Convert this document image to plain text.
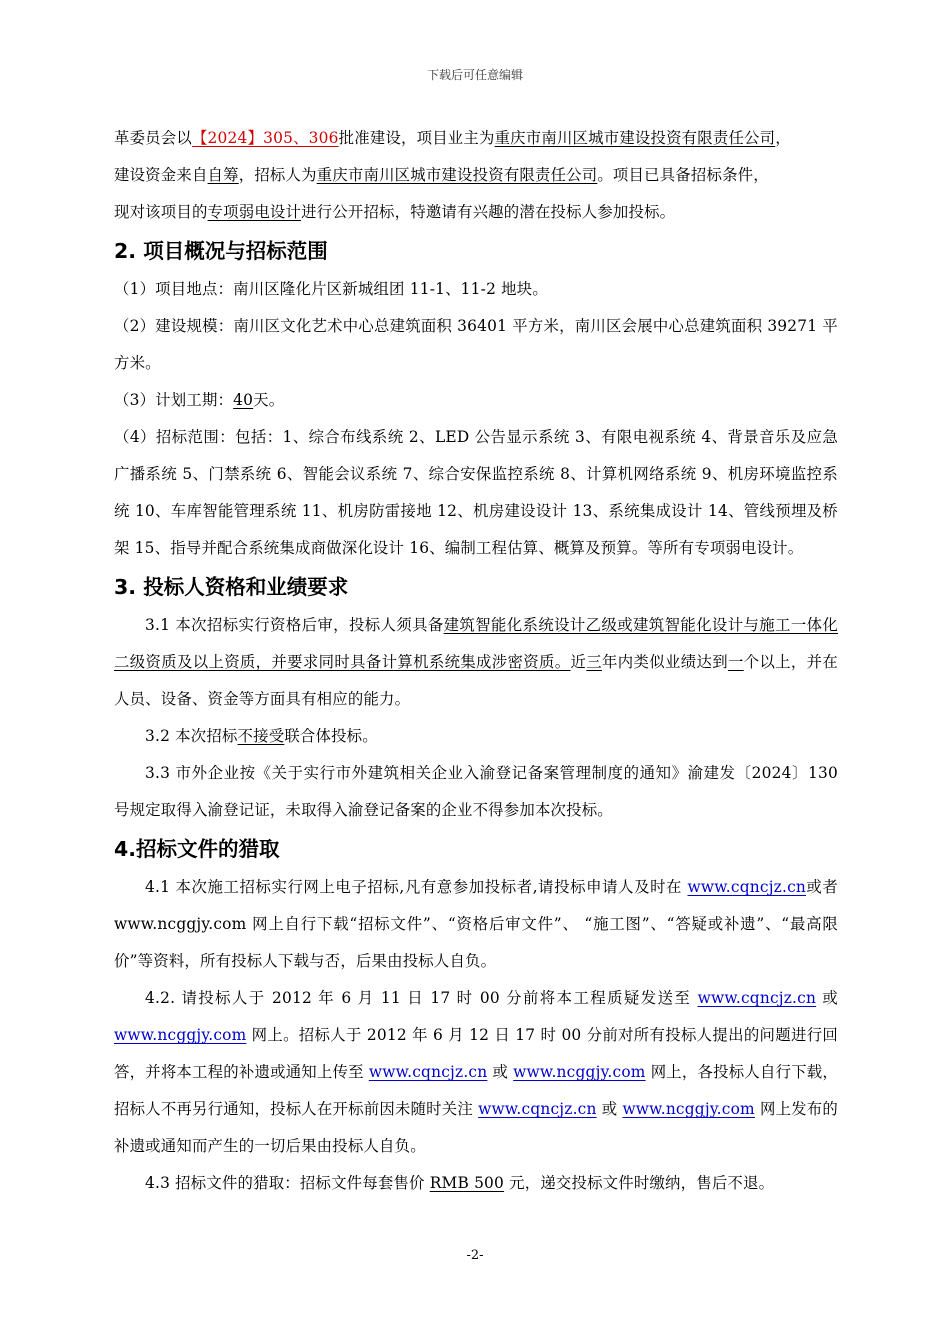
下载后可任意编辑

革委员会以【2024】305、306批准建设，项目业主为重庆市南川区城市建设投资有限责任公司，
建设资金来自自筹，招标人为重庆市南川区城市建设投资有限责任公司。项目已具备招标条件，
现对该项目的专项弱电设计进行公开招标，特邀请有兴趣的潜在投标人参加投标。

2. 项目概况与招标范围

（1）项目地点：南川区隆化片区新城组团 11-1、11-2 地块。

（2）建设规模：南川区文化艺术中心总建筑面积 36401 平方米，南川区会展中心总建筑面积 39271 平方米。

（3）计划工期：40天。

（4）招标范围：包括：1、综合布线系统 2、LED 公告显示系统 3、有限电视系统 4、背景音乐及应急广播系统 5、门禁系统 6、智能会议系统 7、综合安保监控系统 8、计算机网络系统 9、机房环境监控系统 10、车库智能管理系统 11、机房防雷接地 12、机房建设设计 13、系统集成设计 14、管线预埋及桥架 15、指导并配合系统集成商做深化设计 16、编制工程估算、概算及预算。等所有专项弱电设计。

3. 投标人资格和业绩要求

3.1 本次招标实行资格后审，投标人须具备建筑智能化系统设计乙级或建筑智能化设计与施工一体化二级资质及以上资质，并要求同时具备计算机系统集成涉密资质。近三年内类似业绩达到一个以上，并在人员、设备、资金等方面具有相应的能力。

3.2 本次招标不接受联合体投标。

3.3 市外企业按《关于实行市外建筑相关企业入渝登记备案管理制度的通知》渝建发〔2024〕130 号规定取得入渝登记证，未取得入渝登记备案的企业不得参加本次投标。

4.招标文件的猎取

4.1 本次施工招标实行网上电子招标,凡有意参加投标者,请投标申请人及时在 www.cqncjz.cn或者 www.ncggjy.com 网上自行下载“招标文件”、“资格后审文件”、 “施工图”、“答疑或补遗”、“最高限价”等资料，所有投标人下载与否，后果由投标人自负。

4.2. 请投标人于 2012 年 6 月 11 日 17 时 00 分前将本工程质疑发送至 www.cqncjz.cn 或 www.ncggjy.com 网上。招标人于 2012 年 6 月 12 日 17 时 00 分前对所有投标人提出的问题进行回答，并将本工程的补遗或通知上传至 www.cqncjz.cn 或 www.ncggjy.com 网上，各投标人自行下载，招标人不再另行通知，投标人在开标前因未随时关注 www.cqncjz.cn 或 www.ncggjy.com 网上发布的补遗或通知而产生的一切后果由投标人自负。

4.3 招标文件的猎取：招标文件每套售价 RMB 500 元，递交投标文件时缴纳，售后不退。

-2-
